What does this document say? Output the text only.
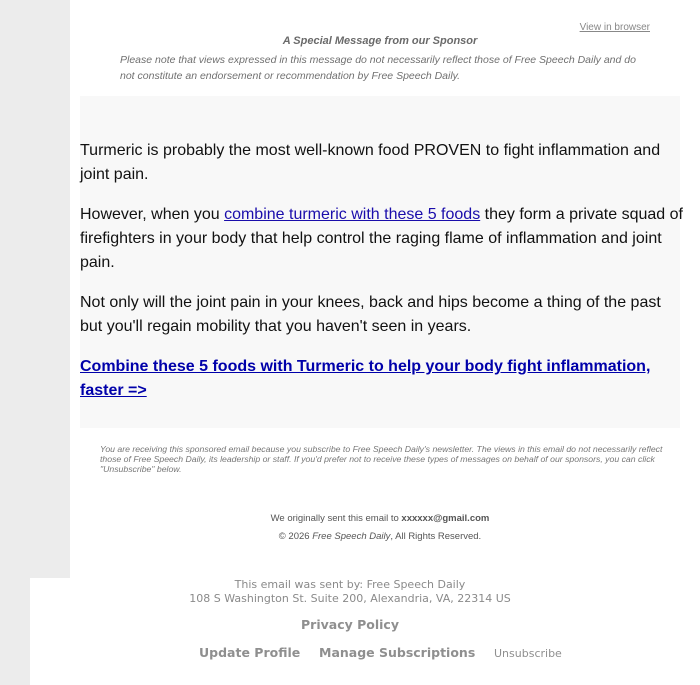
View in browser
A Special Message from our Sponsor
Please note that views expressed in this message do not necessarily reflect those of Free Speech Daily and do not constitute an endorsement or recommendation by Free Speech Daily.

Turmeric is probably the most well-known food PROVEN to fight inflammation and joint pain.

However, when you combine turmeric with these 5 foods they form a private squad of firefighters in your body that help control the raging flame of inflammation and joint pain.

Not only will the joint pain in your knees, back and hips become a thing of the past but you'll regain mobility that you haven't seen in years.

Combine these 5 foods with Turmeric to help your body fight inflammation, faster =>

You are receiving this sponsored email because you subscribe to Free Speech Daily's newsletter. The views in this email do not necessarily reflect those of Free Speech Daily, its leadership or staff. If you'd prefer not to receive these types of messages on behalf of our sponsors, you can click "Unsubscribe" below.
We originally sent this email to xxxxxx@gmail.com
© 2026 Free Speech Daily, All Rights Reserved.
This email was sent by: Free Speech Daily
108 S Washington St. Suite 200, Alexandria, VA, 22314 US
Privacy Policy
Update Profile Manage Subscriptions Unsubscribe
